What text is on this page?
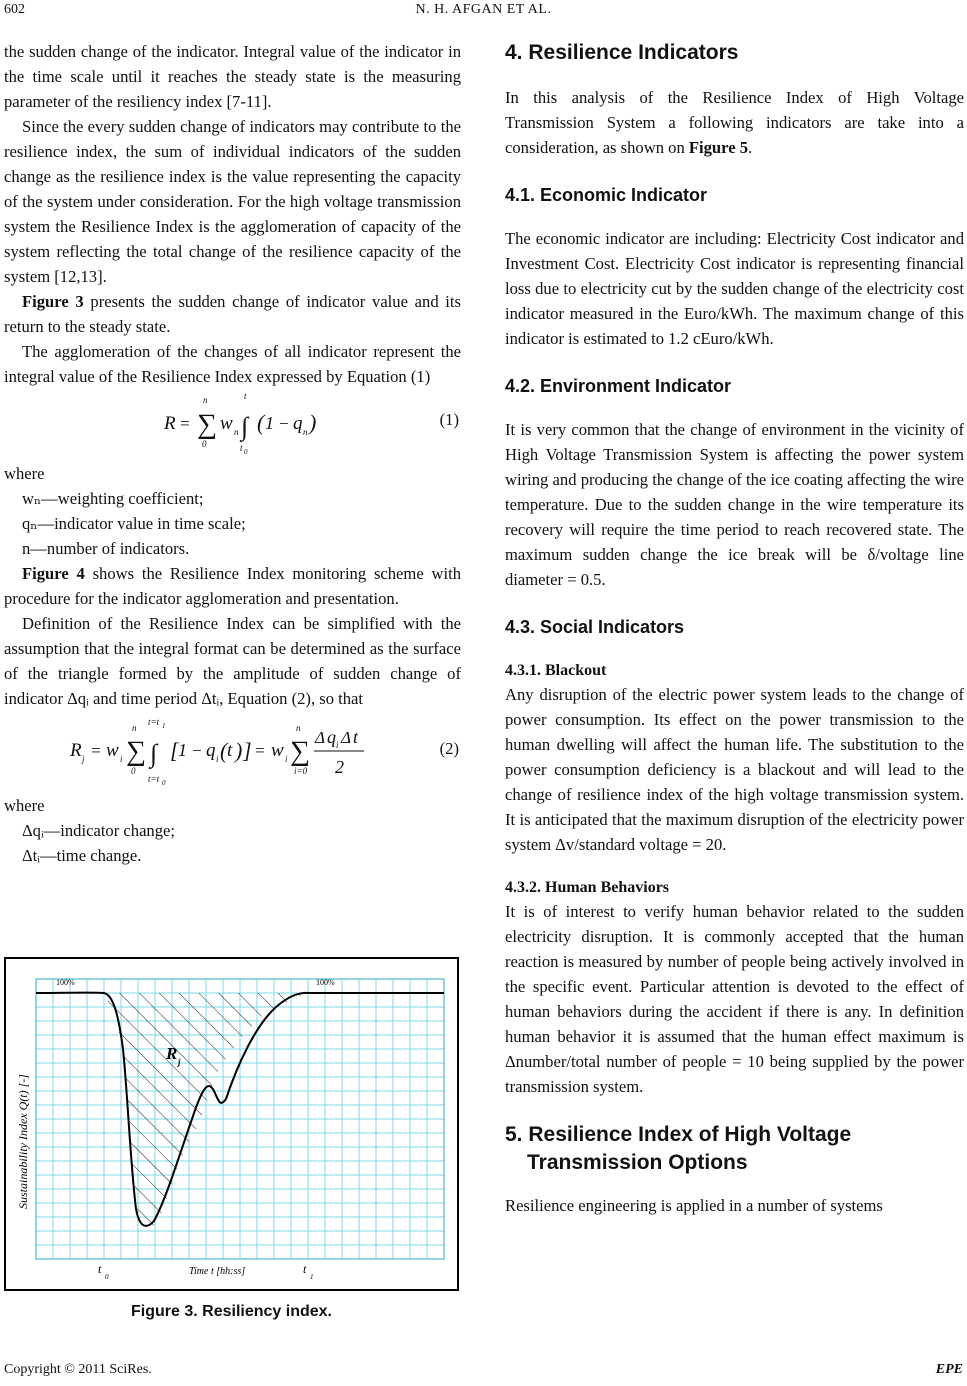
602	N. H. AFGAN ET AL.

the sudden change of the indicator. Integral value of the indicator in the time scale until it reaches the steady state is the measuring parameter of the resiliency index [7-11].

Since the every sudden change of indicators may contribute to the resilience index, the sum of individual indicators of the sudden change as the resilience index is the value representing the capacity of the system under consideration. For the high voltage transmission system the Resilience Index is the agglomeration of capacity of the system reflecting the total change of the resilience capacity of the system [12,13].

Figure 3 presents the sudden change of indicator value and its return to the steady state.

The agglomeration of the changes of all indicator represent the integral value of the Resilience Index expressed by Equation (1)

R = ∑
n
0
w n ∫
t
t 0
( 1 − q n )	(1)

where

wₙ—weighting coefficient;

qₙ—indicator value in time scale;

n—number of indicators.

Figure 4 shows the Resilience Index monitoring scheme with procedure for the indicator agglomeration and presentation.

Definition of the Resilience Index can be simplified with the assumption that the integral format can be determined as the surface of the triangle formed by the amplitude of sudden change of indicator Δqᵢ and time period Δtᵢ, Equation (2), so that

R j = w i ∑
n
0
∫
t=t 1
t=t 0
[ 1 − q i ( t ) ] = w i ∑
n
i=0
Δ q i Δ t
2
(2)

where

Δqᵢ—indicator change;

Δtᵢ—time change.

100%	100%
R j
Sustainability Index Q(t) [-]
Time t [hh:ss]
t
0
t
1
Figure 3. Resiliency index.
4. Resilience Indicators

In this analysis of the Resilience Index of High Voltage Transmission System a following indicators are take into a consideration, as shown on Figure 5.

4.1. Economic Indicator

The economic indicator are including: Electricity Cost indicator and Investment Cost. Electricity Cost indicator is representing financial loss due to electricity cut by the sudden change of the electricity cost indicator measured in the Euro/kWh. The maximum change of this indicator is estimated to 1.2 cEuro/kWh.

4.2. Environment Indicator

It is very common that the change of environment in the vicinity of High Voltage Transmission System is affecting the power system wiring and producing the change of the ice coating affecting the wire temperature. Due to the sudden change in the wire temperature its recovery will require the time period to reach recovered state. The maximum sudden change the ice break will be δ/voltage line diameter = 0.5.

4.3. Social Indicators
4.3.1. Blackout

Any disruption of the electric power system leads to the change of power consumption. Its effect on the power transmission to the human dwelling will affect the human life. The substitution to the power consumption deficiency is a blackout and will lead to the change of resilience index of the high voltage transmission system. It is anticipated that the maximum disruption of the electricity power system Δv/standard voltage = 20.

4.3.2. Human Behaviors

It is of interest to verify human behavior related to the sudden electricity disruption. It is commonly accepted that the human reaction is measured by number of people being actively involved in the specific event. Particular attention is devoted to the effect of human behaviors during the accident if there is any. In definition human behavior it is assumed that the human effect maximum is Δnumber/total number of people = 10 being supplied by the power transmission system.

5. Resilience Index of High Voltage
Transmission Options

Resilience engineering is applied in a number of systems

Copyright © 2011 SciRes.	EPE
